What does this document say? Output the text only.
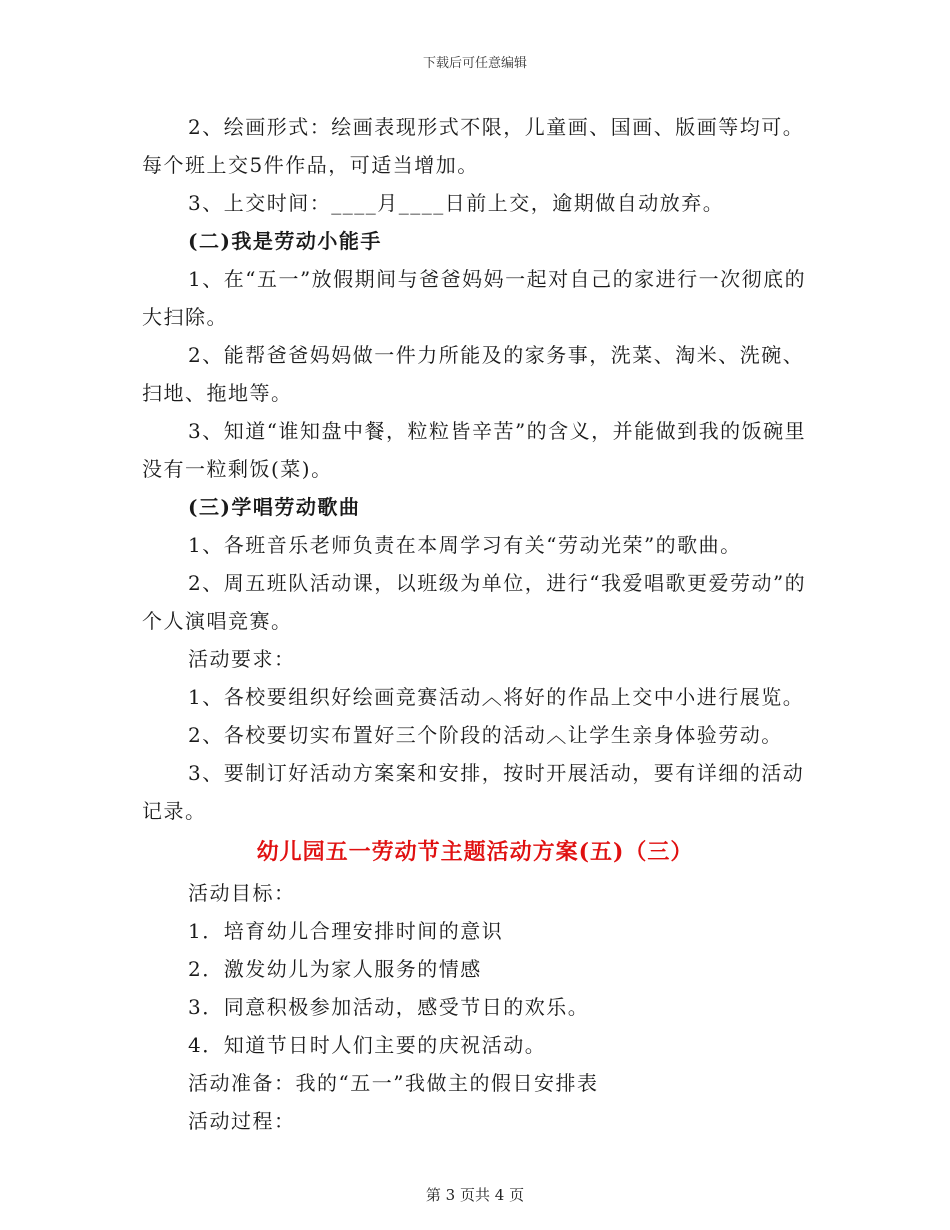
下载后可任意编辑

2、绘画形式：绘画表现形式不限，儿童画、国画、版画等均可。每个班上交5件作品，可适当增加。

3、上交时间：____月____日前上交，逾期做自动放弃。

(二)我是劳动小能手

1、在“五一”放假期间与爸爸妈妈一起对自己的家进行一次彻底的大扫除。

2、能帮爸爸妈妈做一件力所能及的家务事，洗菜、淘米、洗碗、扫地、拖地等。

3、知道“谁知盘中餐，粒粒皆辛苦”的含义，并能做到我的饭碗里没有一粒剩饭(菜)。

(三)学唱劳动歌曲

1、各班音乐老师负责在本周学习有关“劳动光荣”的歌曲。

2、周五班队活动课，以班级为单位，进行“我爱唱歌更爱劳动”的个人演唱竞赛。

活动要求：

1、各校要组织好绘画竞赛活动︿将好的作品上交中小进行展览。

2、各校要切实布置好三个阶段的活动︿让学生亲身体验劳动。

3、要制订好活动方案案和安排，按时开展活动，要有详细的活动记录。

幼儿园五一劳动节主题活动方案(五)（三）

活动目标：

1．培育幼儿合理安排时间的意识

2．激发幼儿为家人服务的情感

3．同意积极参加活动，感受节日的欢乐。

4．知道节日时人们主要的庆祝活动。

活动准备：我的“五一”我做主的假日安排表

活动过程：

第 3 页共 4 页
